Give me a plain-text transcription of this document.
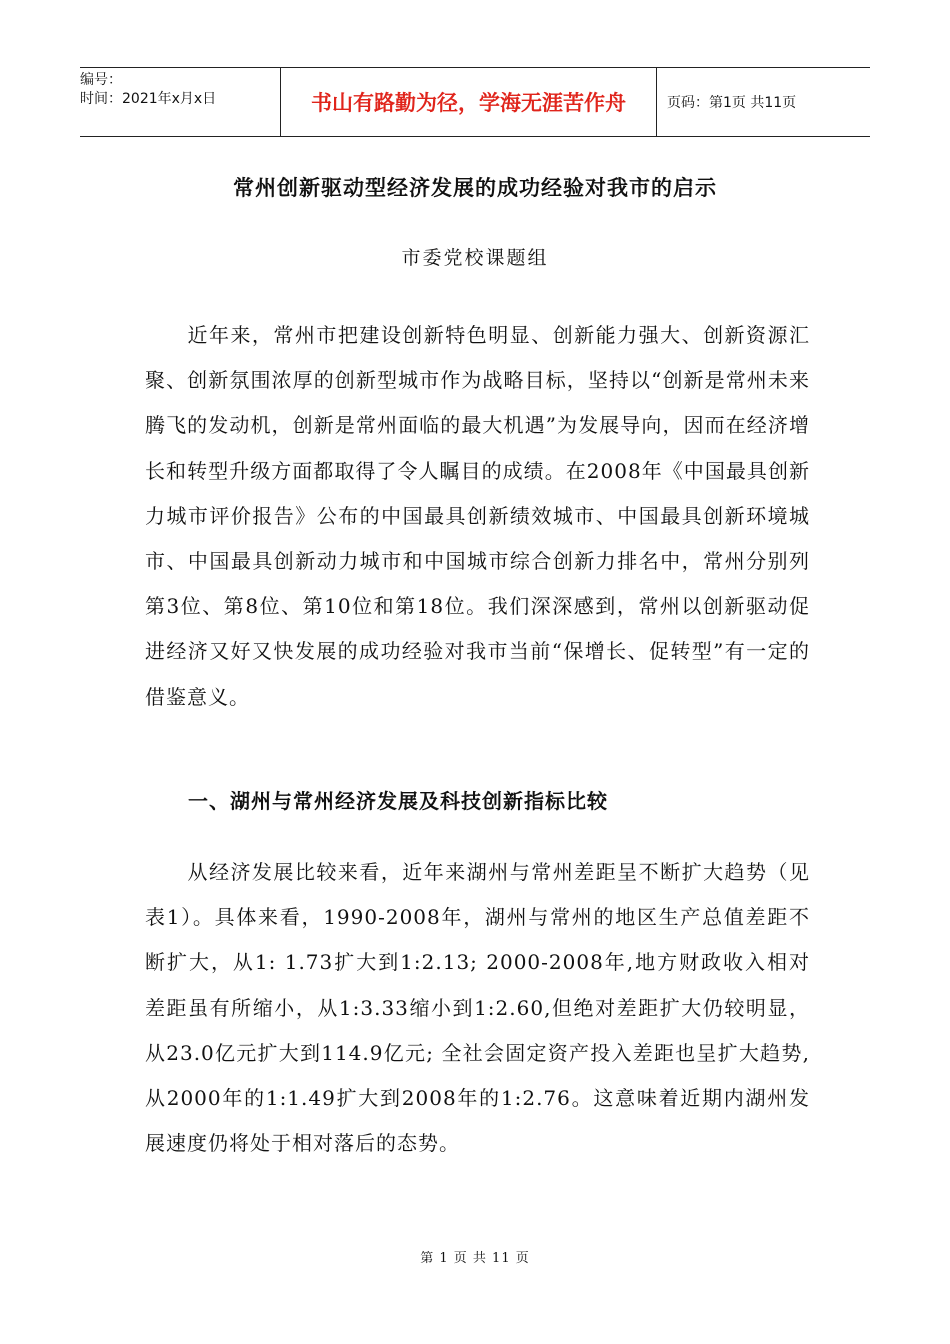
编号：
时间：2021年x月x日	书山有路勤为径，学海无涯苦作舟	页码：第1页 共11页
常州创新驱动型经济发展的成功经验对我市的启示
市委党校课题组

近年来，常州市把建设创新特色明显、创新能力强大、创新资源汇聚、创新氛围浓厚的创新型城市作为战略目标，坚持以“创新是常州未来腾飞的发动机，创新是常州面临的最大机遇”为发展导向，因而在经济增长和转型升级方面都取得了令人瞩目的成绩。在2008年《中国最具创新力城市评价报告》公布的中国最具创新绩效城市、中国最具创新环境城市、中国最具创新动力城市和中国城市综合创新力排名中，常州分别列第3位、第8位、第10位和第18位。我们深深感到，常州以创新驱动促进经济又好又快发展的成功经验对我市当前“保增长、促转型”有一定的借鉴意义。

一、湖州与常州经济发展及科技创新指标比较

从经济发展比较来看，近年来湖州与常州差距呈不断扩大趋势（见表1）。具体来看，1990-2008年，湖州与常州的地区生产总值差距不断扩大，从1: 1.73扩大到1:2.13; 2000-2008年,地方财政收入相对差距虽有所缩小，从1:3.33缩小到1:2.60,但绝对差距扩大仍较明显，从23.0亿元扩大到114.9亿元; 全社会固定资产投入差距也呈扩大趋势, 从2000年的1:1.49扩大到2008年的1:2.76。这意味着近期内湖州发展速度仍将处于相对落后的态势。

第 1 页 共 11 页
